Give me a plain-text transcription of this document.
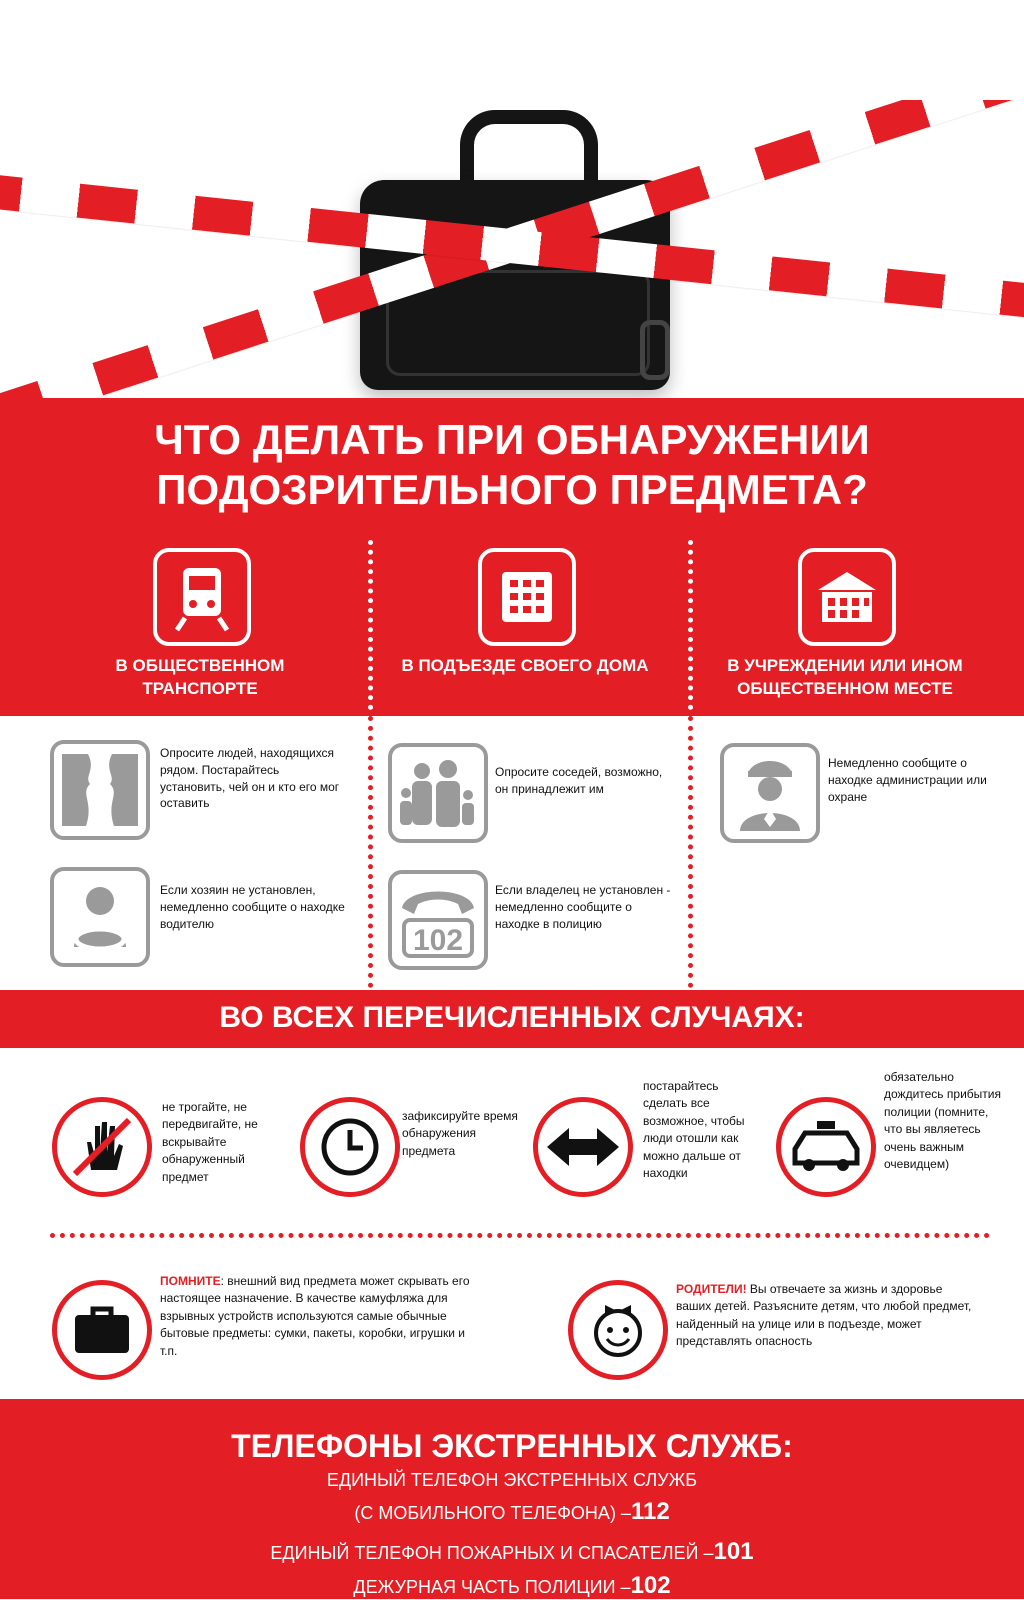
ЧТО ДЕЛАТЬ ПРИ ОБНАРУЖЕНИИ ПОДОЗРИТЕЛЬНОГО ПРЕДМЕТА?
В ОБЩЕСТВЕННОМ ТРАНСПОРТЕ
В ПОДЪЕЗДЕ СВОЕГО ДОМА	В УЧРЕЖДЕНИИ ИЛИ ИНОМ ОБЩЕСТВЕННОМ МЕСТЕ
Опросите людей, находящихся рядом. Постарайтесь установить, чей он и кто его мог оставить
Если хозяин не установлен, немедленно сообщите о находке водителю
Опросите соседей, возможно, он принадлежит им
102
Если владелец не установлен - немедленно сообщите о находке в полицию
Немедленно сообщите о находке администрации или охране
ВО ВСЕХ ПЕРЕЧИСЛЕННЫХ СЛУЧАЯХ:
не трогайте, не передвигайте, не вскрывайте обнаруженный предмет
зафиксируйте время обнаружения предмета
постарайтесь сделать все возможное, чтобы люди отошли как можно дальше от находки
обязательно дождитесь прибытия полиции (помните, что вы являетесь очень важным очевидцем)
ПОМНИТЕ: внешний вид предмета может скрывать его настоящее назначение. В качестве камуфляжа для взрывных устройств используются самые обычные бытовые предметы: сумки, пакеты, коробки, игрушки и т.п.
РОДИТЕЛИ! Вы отвечаете за жизнь и здоровье ваших детей. Разъясните детям, что любой предмет, найденный на улице или в подъезде, может представлять опасность
ТЕЛЕФОНЫ ЭКСТРЕННЫХ СЛУЖБ:
ЕДИНЫЙ ТЕЛЕФОН ЭКСТРЕННЫХ СЛУЖБ
(С МОБИЛЬНОГО ТЕЛЕФОНА) –112
ЕДИНЫЙ ТЕЛЕФОН ПОЖАРНЫХ И СПАСАТЕЛЕЙ –101
ДЕЖУРНАЯ ЧАСТЬ ПОЛИЦИИ –102
